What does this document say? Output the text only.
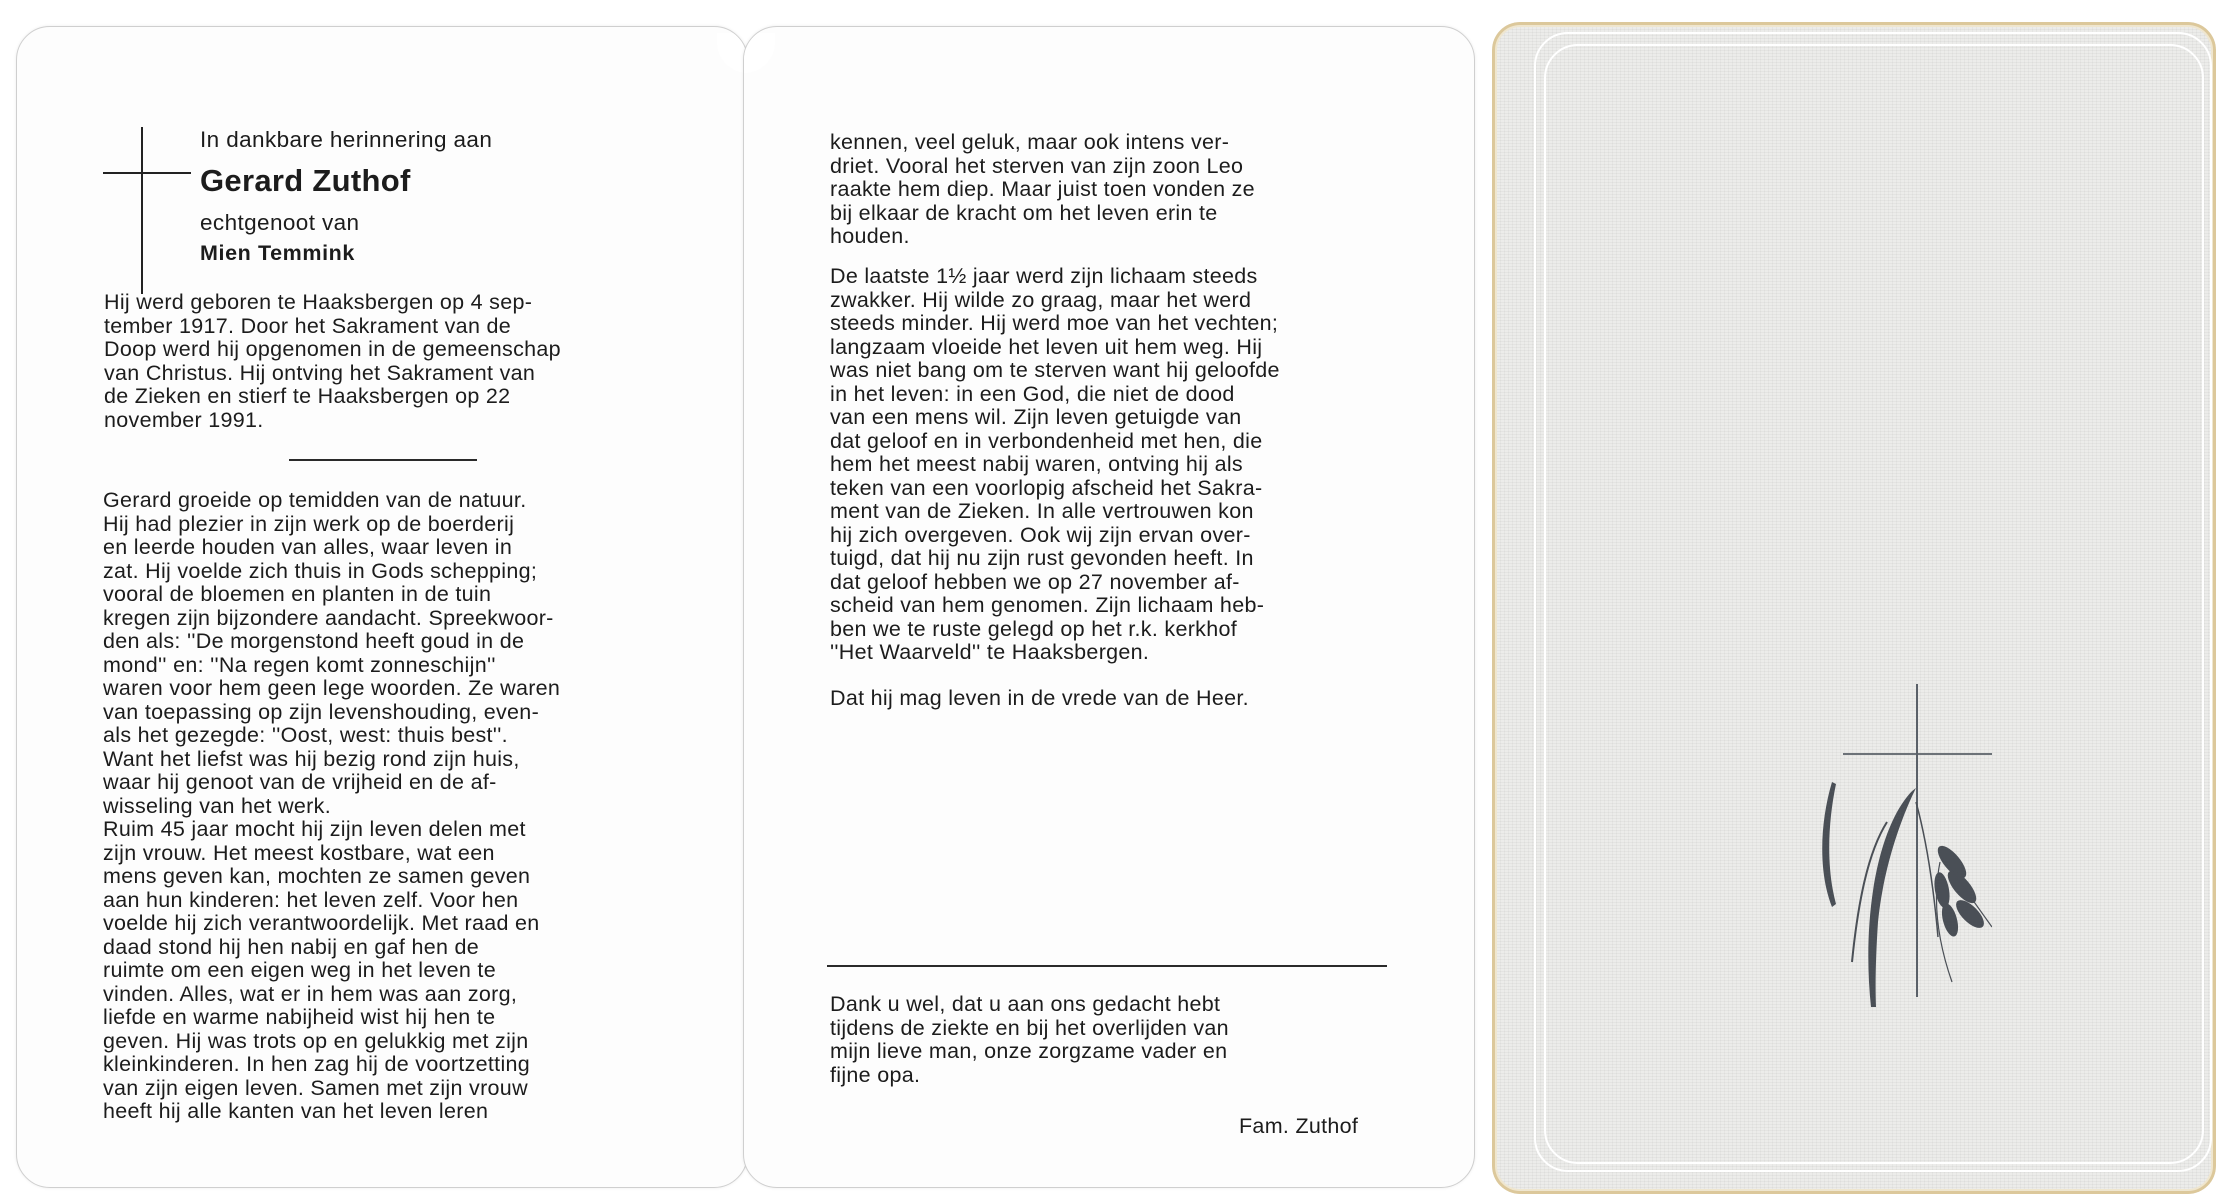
In dankbare herinnering aan
Gerard Zuthof
echtgenoot van
Mien Temmink

Hij werd geboren te Haaksbergen op 4 sep-

tember 1917. Door het Sakrament van de

Doop werd hij opgenomen in de gemeenschap

van Christus. Hij ontving het Sakrament van

de Zieken en stierf te Haaksbergen op 22

november 1991.

Gerard groeide op temidden van de natuur.

Hij had plezier in zijn werk op de boerderij

en leerde houden van alles, waar leven in

zat. Hij voelde zich thuis in Gods schepping;

vooral de bloemen en planten in de tuin

kregen zijn bijzondere aandacht. Spreekwoor-

den als: ''De morgenstond heeft goud in de

mond'' en: ''Na regen komt zonneschijn''

waren voor hem geen lege woorden. Ze waren

van toepassing op zijn levenshouding, even-

als het gezegde: ''Oost, west: thuis best''.

Want het liefst was hij bezig rond zijn huis,

waar hij genoot van de vrijheid en de af-

wisseling van het werk.

Ruim 45 jaar mocht hij zijn leven delen met

zijn vrouw. Het meest kostbare, wat een

mens geven kan, mochten ze samen geven

aan hun kinderen: het leven zelf. Voor hen

voelde hij zich verantwoordelijk. Met raad en

daad stond hij hen nabij en gaf hen de

ruimte om een eigen weg in het leven te

vinden. Alles, wat er in hem was aan zorg,

liefde en warme nabijheid wist hij hen te

geven. Hij was trots op en gelukkig met zijn

kleinkinderen. In hen zag hij de voortzetting

van zijn eigen leven. Samen met zijn vrouw

heeft hij alle kanten van het leven leren

kennen, veel geluk, maar ook intens ver-

driet. Vooral het sterven van zijn zoon Leo

raakte hem diep. Maar juist toen vonden ze

bij elkaar de kracht om het leven erin te

houden.

De laatste 1½ jaar werd zijn lichaam steeds

zwakker. Hij wilde zo graag, maar het werd

steeds minder. Hij werd moe van het vechten;

langzaam vloeide het leven uit hem weg. Hij

was niet bang om te sterven want hij geloofde

in het leven: in een God, die niet de dood

van een mens wil. Zijn leven getuigde van

dat geloof en in verbondenheid met hen, die

hem het meest nabij waren, ontving hij als

teken van een voorlopig afscheid het Sakra-

ment van de Zieken. In alle vertrouwen kon

hij zich overgeven. Ook wij zijn ervan over-

tuigd, dat hij nu zijn rust gevonden heeft. In

dat geloof hebben we op 27 november af-

scheid van hem genomen. Zijn lichaam heb-

ben we te ruste gelegd op het r.k. kerkhof

''Het Waarveld'' te Haaksbergen.

Dat hij mag leven in de vrede van de Heer.

Dank u wel, dat u aan ons gedacht hebt

tijdens de ziekte en bij het overlijden van

mijn lieve man, onze zorgzame vader en

fijne opa.

Fam. Zuthof
